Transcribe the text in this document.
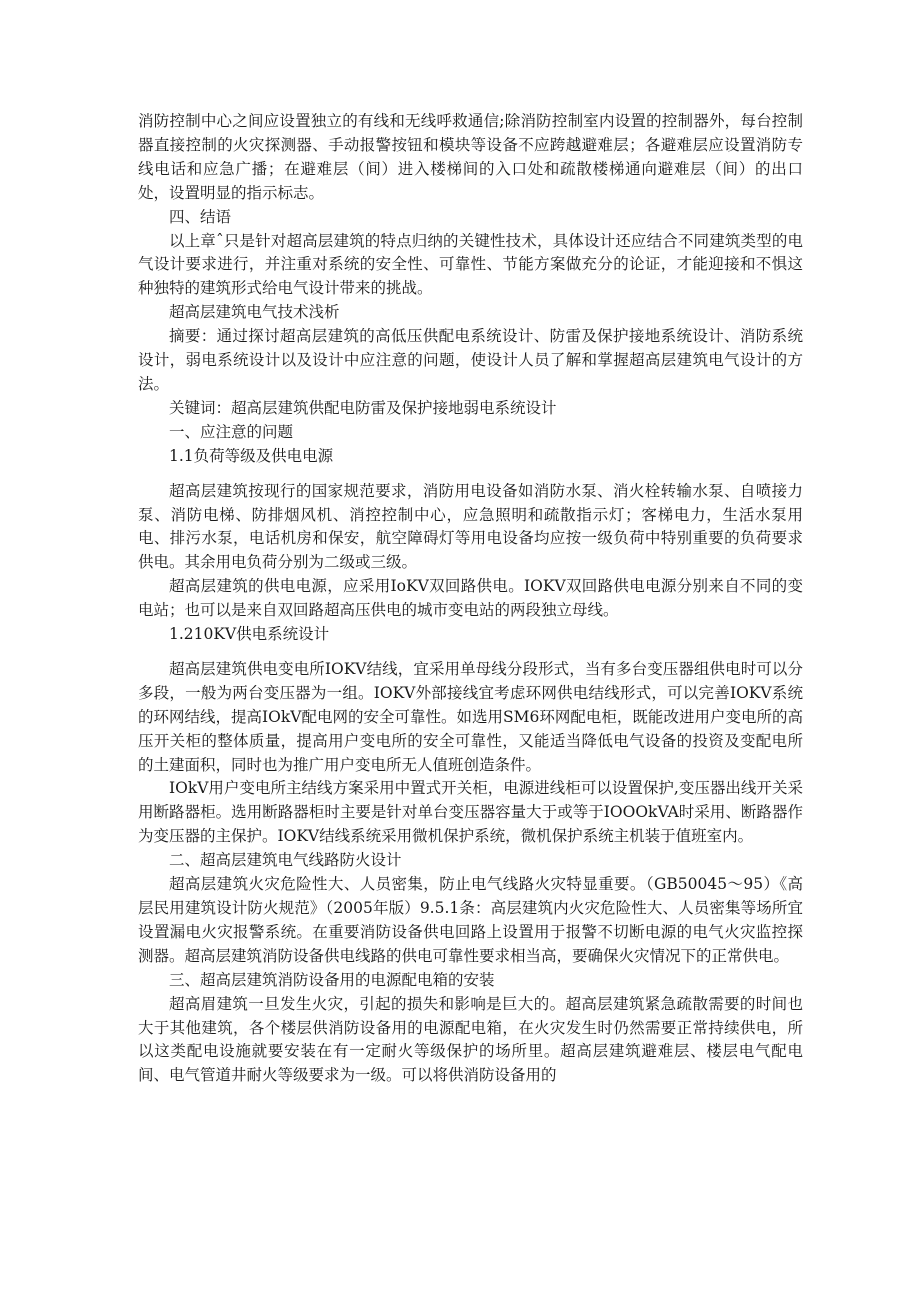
消防控制中心之间应设置独立的有线和无线呼救通信;除消防控制室内设置的控制器外，每台控制器直接控制的火灾探测器、手动报警按钮和模块等设备不应跨越避难层；各避难层应设置消防专线电话和应急广播；在避难层（间）进入楼梯间的入口处和疏散楼梯通向避难层（间）的出口处，设置明显的指示标志。

四、结语

以上章ˆ只是针对超高层建筑的特点归纳的关键性技术，具体设计还应结合不同建筑类型的电气设计要求进行，并注重对系统的安全性、可靠性、节能方案做充分的论证，才能迎接和不惧这种独特的建筑形式给电气设计带来的挑战。

超高层建筑电气技术浅析

摘要：通过探讨超高层建筑的高低压供配电系统设计、防雷及保护接地系统设计、消防系统设计，弱电系统设计以及设计中应注意的问题，使设计人员了解和掌握超高层建筑电气设计的方法。

关键词：超高层建筑供配电防雷及保护接地弱电系统设计

一、应注意的问题

1.1负荷等级及供电电源

超高层建筑按现行的国家规范要求，消防用电设备如消防水泵、消火栓转输水泵、自喷接力泵、消防电梯、防排烟风机、消控控制中心，应急照明和疏散指示灯；客梯电力，生活水泵用电、排污水泵，电话机房和保安，航空障碍灯等用电设备均应按一级负荷中特别重要的负荷要求供电。其余用电负荷分别为二级或三级。

超高层建筑的供电电源，应采用IoKV双回路供电。IOKV双回路供电电源分别来自不同的变电站；也可以是来自双回路超高压供电的城市变电站的两段独立母线。

1.210KV供电系统设计

超高层建筑供电变电所IOKV结线，宜采用单母线分段形式，当有多台变压器组供电时可以分多段，一般为两台变压器为一组。IOKV外部接线宜考虑环网供电结线形式，可以完善IOKV系统的环网结线，提高IOkV配电网的安全可靠性。如选用SM6环网配电柜，既能改进用户变电所的高压开关柜的整体质量，提高用户变电所的安全可靠性，又能适当降低电气设备的投资及变配电所的土建面积，同时也为推广用户变电所无人值班创造条件。

IOkV用户变电所主结线方案采用中置式开关柜，电源进线柜可以设置保护,变压器出线开关采用断路器柜。选用断路器柜时主要是针对单台变压器容量大于或等于IOOOkVA时采用、断路器作为变压器的主保护。IOKV结线系统采用微机保护系统，微机保护系统主机装于值班室内。

二、超高层建筑电气线路防火设计

超高层建筑火灾危险性大、人员密集，防止电气线路火灾特显重要。（GB50045～95）《高层民用建筑设计防火规范》（2005年版）9.5.1条：高层建筑内火灾危险性大、人员密集等场所宜设置漏电火灾报警系统。在重要消防设备供电回路上设置用于报警不切断电源的电气火灾监控探测器。超高层建筑消防设备供电线路的供电可靠性要求相当高，要确保火灾情况下的正常供电。

三、超高层建筑消防设备用的电源配电箱的安装

超高眉建筑一旦发生火灾，引起的损失和影响是巨大的。超高层建筑紧急疏散需要的时间也大于其他建筑，各个楼层供消防设备用的电源配电箱，在火灾发生时仍然需要正常持续供电，所以这类配电设施就要安装在有一定耐火等级保护的场所里。超高层建筑避难层、楼层电气配电间、电气管道井耐火等级要求为一级。可以将供消防设备用的
